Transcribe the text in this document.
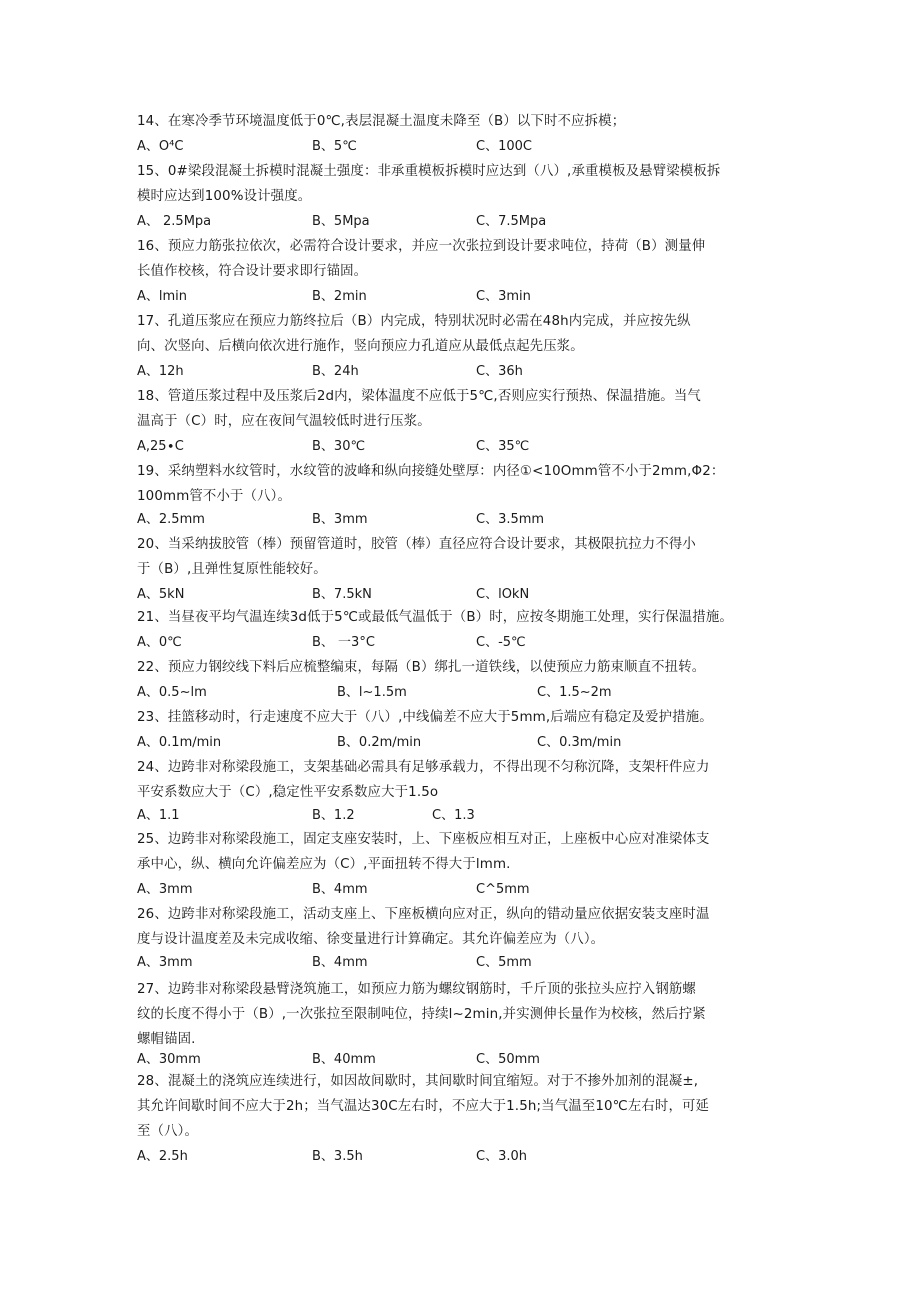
14、在寒冷季节环境温度低于0℃,表层混凝土温度未降至（B）以下时不应拆模；
A、O⁴C	B、5℃	C、100C
15、0#梁段混凝土拆模时混凝土强度：非承重模板拆模时应达到（八）,承重模板及悬臂梁模板拆
模时应达到100%设计强度。
A、 2.5Mpa	B、5Mpa	C、7.5Mpa
16、预应力筋张拉依次，必需符合设计要求，并应一次张拉到设计要求吨位，持荷（B）测量伸
长值作校核，符合设计要求即行锚固。
A、lmin	B、2min	C、3min
17、孔道压浆应在预应力筋终拉后（B）内完成，特别状况时必需在48h内完成，并应按先纵
向、次竖向、后横向依次进行施作，竖向预应力孔道应从最低点起先压浆。
A、12h	B、24h	C、36h
18、管道压浆过程中及压浆后2d内，梁体温度不应低于5℃,否则应实行预热、保温措施。当气
温高于（C）时，应在夜间气温较低时进行压浆。
A,25∙C	B、30℃	C、35℃
19、采纳塑料水纹管时，水纹管的波峰和纵向接缝处壁厚：内径①<10Omm管不小于2mm,Φ2：
100mm管不小于（八）。
A、2.5mm	B、3mm	C、3.5mm
20、当采纳拔胶管（棒）预留管道时，胶管（棒）直径应符合设计要求，其极限抗拉力不得小
于（B）,且弹性复原性能较好。
A、5kN	B、7.5kN	C、lOkN
21、当昼夜平均气温连续3d低于5℃或最低气温低于（B）时，应按冬期施工处理，实行保温措施。
A、0℃	B、 一3°C	C、-5℃
22、预应力钢绞线下料后应梳整编束，每隔（B）绑扎一道铁线，以使预应力筋束顺直不扭转。
A、0.5~lm	B、l~1.5m	C、1.5~2m
23、挂篮移动时，行走速度不应大于（八）,中线偏差不应大于5mm,后端应有稳定及爱护措施。
A、0.1m∕min	B、0.2m∕min	C、0.3m∕min
24、边跨非对称梁段施工，支架基础必需具有足够承载力，不得出现不匀称沉降，支架杆件应力
平安系数应大于（C）,稳定性平安系数应大于1.5o
A、1.1	B、1.2	C、1.3
25、边跨非对称梁段施工，固定支座安装时，上、下座板应相互对正，上座板中心应对准梁体支
承中心，纵、横向允许偏差应为（C）,平面扭转不得大于lmm.
A、3mm	B、4mm	C^5mm
26、边跨非对称梁段施工，活动支座上、下座板横向应对正，纵向的错动量应依据安装支座时温
度与设计温度差及未完成收缩、徐变量进行计算确定。其允许偏差应为（八）。
A、3mm	B、4mm	C、5mm
27、边跨非对称梁段悬臂浇筑施工，如预应力筋为螺纹钢筋时，千斤顶的张拉头应拧入钢筋螺
纹的长度不得小于（B）,一次张拉至限制吨位，持续l~2min,并实测伸长量作为校核，然后拧紧
螺帽锚固.
A、30mm	B、40mm	C、50mm
28、混凝土的浇筑应连续进行，如因故间歇时，其间歇时间宜缩短。对于不掺外加剂的混凝±,
其允许间歇时间不应大于2h；当气温达30C左右时，不应大于1.5h;当气温至10℃左右时，可延
至（八）。
A、2.5h	B、3.5h	C、3.0h
